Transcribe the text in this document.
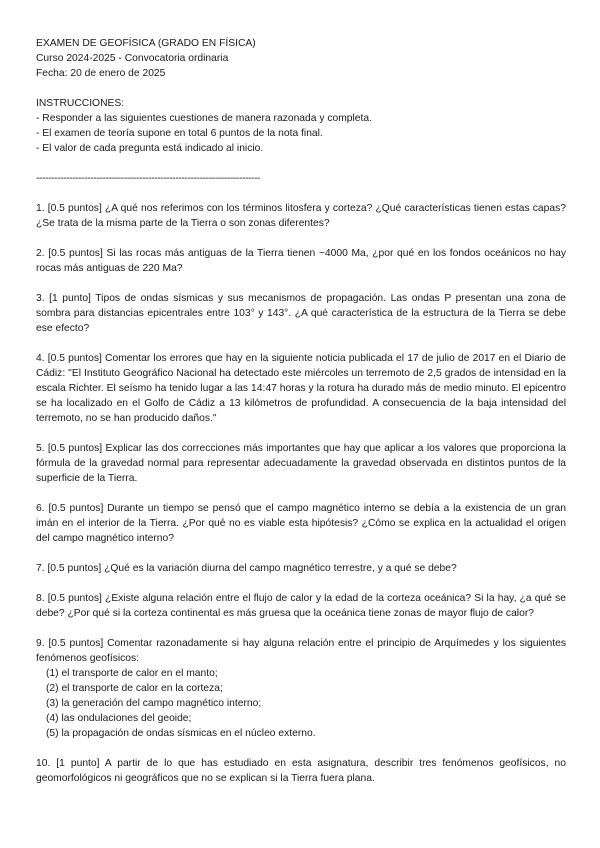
EXAMEN DE GEOFÍSICA (GRADO EN FÍSICA)
Curso 2024-2025 - Convocatoria ordinaria
Fecha: 20 de enero de 2025
INSTRUCCIONES:
- Responder a las siguientes cuestiones de manera razonada y completa.
- El examen de teoría supone en total 6 puntos de la nota final.
- El valor de cada pregunta está indicado al inicio.
--------------------------------------------------------------------------

1. [0.5 puntos] ¿A qué nos referimos con los términos litosfera y corteza? ¿Qué características tienen estas capas? ¿Se trata de la misma parte de la Tierra o son zonas diferentes?

2. [0.5 puntos] Si las rocas más antiguas de la Tierra tienen ~4000 Ma, ¿por qué en los fondos oceánicos no hay rocas más antiguas de 220 Ma?

3. [1 punto] Tipos de ondas sísmicas y sus mecanismos de propagación. Las ondas P presentan una zona de sombra para distancias epicentrales entre 103° y 143°. ¿A qué característica de la estructura de la Tierra se debe ese efecto?

4. [0.5 puntos] Comentar los errores que hay en la siguiente noticia publicada el 17 de julio de 2017 en el Diario de Cádiz: "El Instituto Geográfico Nacional ha detectado este miércoles un terremoto de 2,5 grados de intensidad en la escala Richter. El seísmo ha tenido lugar a las 14:47 horas y la rotura ha durado más de medio minuto. El epicentro se ha localizado en el Golfo de Cádiz a 13 kilómetros de profundidad. A consecuencia de la baja intensidad del terremoto, no se han producido daños."

5. [0.5 puntos] Explicar las dos correcciones más importantes que hay que aplicar a los valores que proporciona la fórmula de la gravedad normal para representar adecuadamente la gravedad observada en distintos puntos de la superficie de la Tierra.

6. [0.5 puntos] Durante un tiempo se pensó que el campo magnético interno se debía a la existencia de un gran imán en el interior de la Tierra. ¿Por qué no es viable esta hipótesis? ¿Cómo se explica en la actualidad el origen del campo magnético interno?

7. [0.5 puntos] ¿Qué es la variación diurna del campo magnético terrestre, y a qué se debe?

8. [0.5 puntos] ¿Existe alguna relación entre el flujo de calor y la edad de la corteza oceánica? Si la hay, ¿a qué se debe? ¿Por qué si la corteza continental es más gruesa que la oceánica tiene zonas de mayor flujo de calor?

9. [0.5 puntos] Comentar razonadamente si hay alguna relación entre el principio de Arquímedes y los siguientes fenómenos geofísicos:

(1) el transporte de calor en el manto;
(2) el transporte de calor en la corteza;
(3) la generación del campo magnético interno;
(4) las ondulaciones del geoide;
(5) la propagación de ondas sísmicas en el núcleo externo.

10. [1 punto] A partir de lo que has estudiado en esta asignatura, describir tres fenómenos geofísicos, no geomorfológicos ni geográficos que no se explican si la Tierra fuera plana.
